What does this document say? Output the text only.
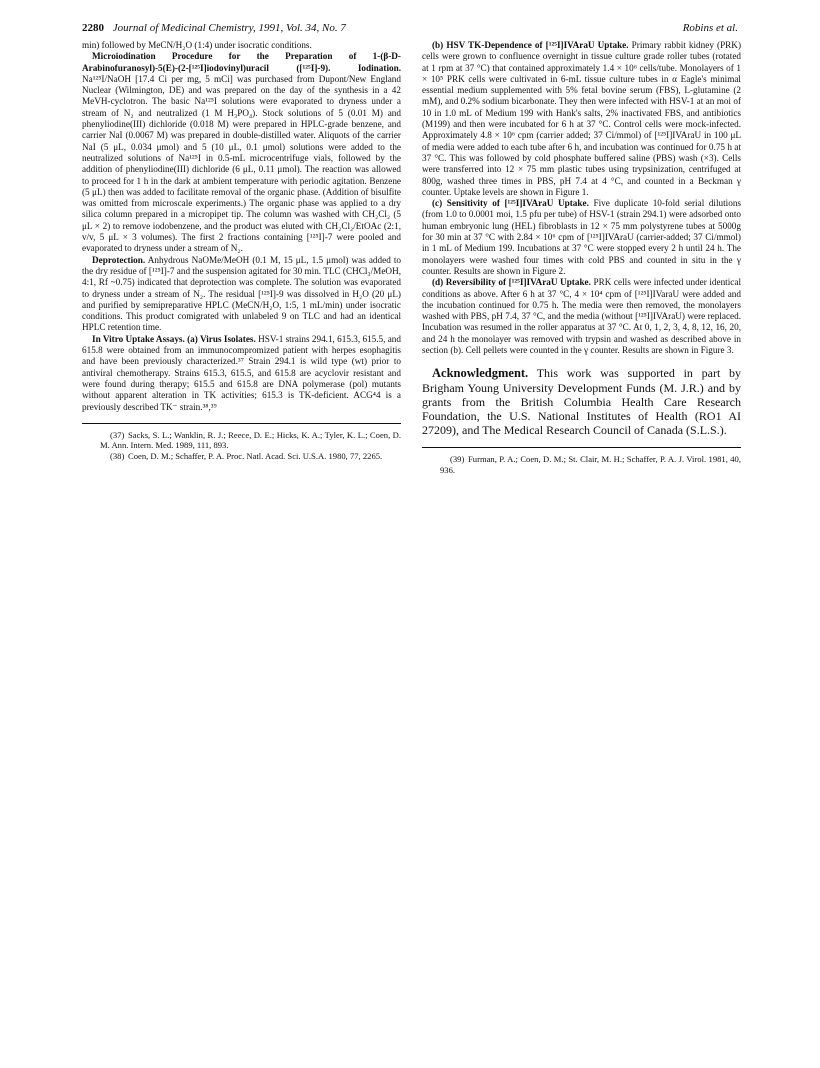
2280 Journal of Medicinal Chemistry, 1991, Vol. 34, No. 7	Robins et al.

min) followed by MeCN/H₂O (1:4) under isocratic conditions.

Microiodination Procedure for the Preparation of 1-(β-D-Arabinofuranosyl)-5(E)-(2-[¹²⁵I]iodovinyl)uracil ([¹²⁵I]-9). Iodination. Na¹²⁵I/NaOH [17.4 Ci per mg, 5 mCi] was purchased from Dupont/New England Nuclear (Wilmington, DE) and was prepared on the day of the synthesis in a 42 MeVH-cyclotron. The basic Na¹²⁵I solutions were evaporated to dryness under a stream of N₂ and neutralized (1 M H₃PO₄). Stock solutions of 5 (0.01 M) and phenyliodine(III) dichloride (0.018 M) were prepared in HPLC-grade benzene, and carrier NaI (0.0067 M) was prepared in double-distilled water. Aliquots of the carrier NaI (5 μL, 0.034 μmol) and 5 (10 μL, 0.1 μmol) solutions were added to the neutralized solutions of Na¹²⁵I in 0.5-mL microcentrifuge vials, followed by the addition of phenyliodine(III) dichloride (6 μL, 0.11 μmol). The reaction was allowed to proceed for 1 h in the dark at ambient temperature with periodic agitation. Benzene (5 μL) then was added to facilitate removal of the organic phase. (Addition of bisulfite was omitted from microscale experiments.) The organic phase was applied to a dry silica column prepared in a micropipet tip. The column was washed with CH₂Cl₂ (5 μL × 2) to remove iodobenzene, and the product was eluted with CH₂Cl₂/EtOAc (2:1, v/v, 5 μL × 3 volumes). The first 2 fractions containing [¹²⁵I]-7 were pooled and evaporated to dryness under a stream of N₂.

Deprotection. Anhydrous NaOMe/MeOH (0.1 M, 15 μL, 1.5 μmol) was added to the dry residue of [¹²⁵I]-7 and the suspension agitated for 30 min. TLC (CHCl₃/MeOH, 4:1, Rf ~0.75) indicated that deprotection was complete. The solution was evaporated to dryness under a stream of N₂. The residual [¹²⁵I]-9 was dissolved in H₂O (20 μL) and purified by semipreparative HPLC (MeCN/H₂O, 1:5, 1 mL/min) under isocratic conditions. This product comigrated with unlabeled 9 on TLC and had an identical HPLC retention time.

In Vitro Uptake Assays. (a) Virus Isolates. HSV-1 strains 294.1, 615.3, 615.5, and 615.8 were obtained from an immunocompromized patient with herpes esophagitis and have been previously characterized.³⁷ Strain 294.1 is wild type (wt) prior to antiviral chemotherapy. Strains 615.3, 615.5, and 615.8 are acyclovir resistant and were found during therapy; 615.5 and 615.8 are DNA polymerase (pol) mutants without apparent alteration in TK activities; 615.3 is TK-deficient. ACG⁴4 is a previously described TK⁻ strain.³⁸,³⁹

(37) Sacks, S. L.; Wanklin, R. J.; Reece, D. E.; Hicks, K. A.; Tyler, K. L.; Coen, D. M. Ann. Intern. Med. 1989, 111, 893.

(38) Coen, D. M.; Schaffer, P. A. Proc. Natl. Acad. Sci. U.S.A. 1980, 77, 2265.

(b) HSV TK-Dependence of [¹²⁵I]IVAraU Uptake. Primary rabbit kidney (PRK) cells were grown to confluence overnight in tissue culture grade roller tubes (rotated at 1 rpm at 37 °C) that contained approximately 1.4 × 10⁶ cells/tube. Monolayers of 1 × 10⁵ PRK cells were cultivated in 6-mL tissue culture tubes in α Eagle's minimal essential medium supplemented with 5% fetal bovine serum (FBS), L-glutamine (2 mM), and 0.2% sodium bicarbonate. They then were infected with HSV-1 at an moi of 10 in 1.0 mL of Medium 199 with Hank's salts, 2% inactivated FBS, and antibiotics (M199) and then were incubated for 6 h at 37 °C. Control cells were mock-infected. Approximately 4.8 × 10⁶ cpm (carrier added; 37 Ci/mmol) of [¹²⁵I]IVAraU in 100 μL of media were added to each tube after 6 h, and incubation was continued for 0.75 h at 37 °C. This was followed by cold phosphate buffered saline (PBS) wash (×3). Cells were transferred into 12 × 75 mm plastic tubes using trypsinization, centrifuged at 800g, washed three times in PBS, pH 7.4 at 4 °C, and counted in a Beckman γ counter. Uptake levels are shown in Figure 1.

(c) Sensitivity of [¹²⁵I]IVAraU Uptake. Five duplicate 10-fold serial dilutions (from 1.0 to 0.0001 moi, 1.5 pfu per tube) of HSV-1 (strain 294.1) were adsorbed onto human embryonic lung (HEL) fibroblasts in 12 × 75 mm polystyrene tubes at 5000g for 30 min at 37 °C with 2.84 × 10⁶ cpm of [¹²⁵I]IVAraU (carrier-added; 37 Ci/mmol) in 1 mL of Medium 199. Incubations at 37 °C were stopped every 2 h until 24 h. The monolayers were washed four times with cold PBS and counted in situ in the γ counter. Results are shown in Figure 2.

(d) Reversibility of [¹²⁵I]IVAraU Uptake. PRK cells were infected under identical conditions as above. After 6 h at 37 °C, 4 × 10⁴ cpm of [¹²⁵I]IVaraU were added and the incubation continued for 0.75 h. The media were then removed, the monolayers washed with PBS, pH 7.4, 37 °C, and the media (without [¹²⁵I]IVAraU) were replaced. Incubation was resumed in the roller apparatus at 37 °C. At 0, 1, 2, 3, 4, 8, 12, 16, 20, and 24 h the monolayer was removed with trypsin and washed as described above in section (b). Cell pellets were counted in the γ counter. Results are shown in Figure 3.

Acknowledgment. This work was supported in part by Brigham Young University Development Funds (M. J.R.) and by grants from the British Columbia Health Care Research Foundation, the U.S. National Institutes of Health (RO1 AI 27209), and The Medical Research Council of Canada (S.L.S.).

(39) Furman, P. A.; Coen, D. M.; St. Clair, M. H.; Schaffer, P. A. J. Virol. 1981, 40, 936.
